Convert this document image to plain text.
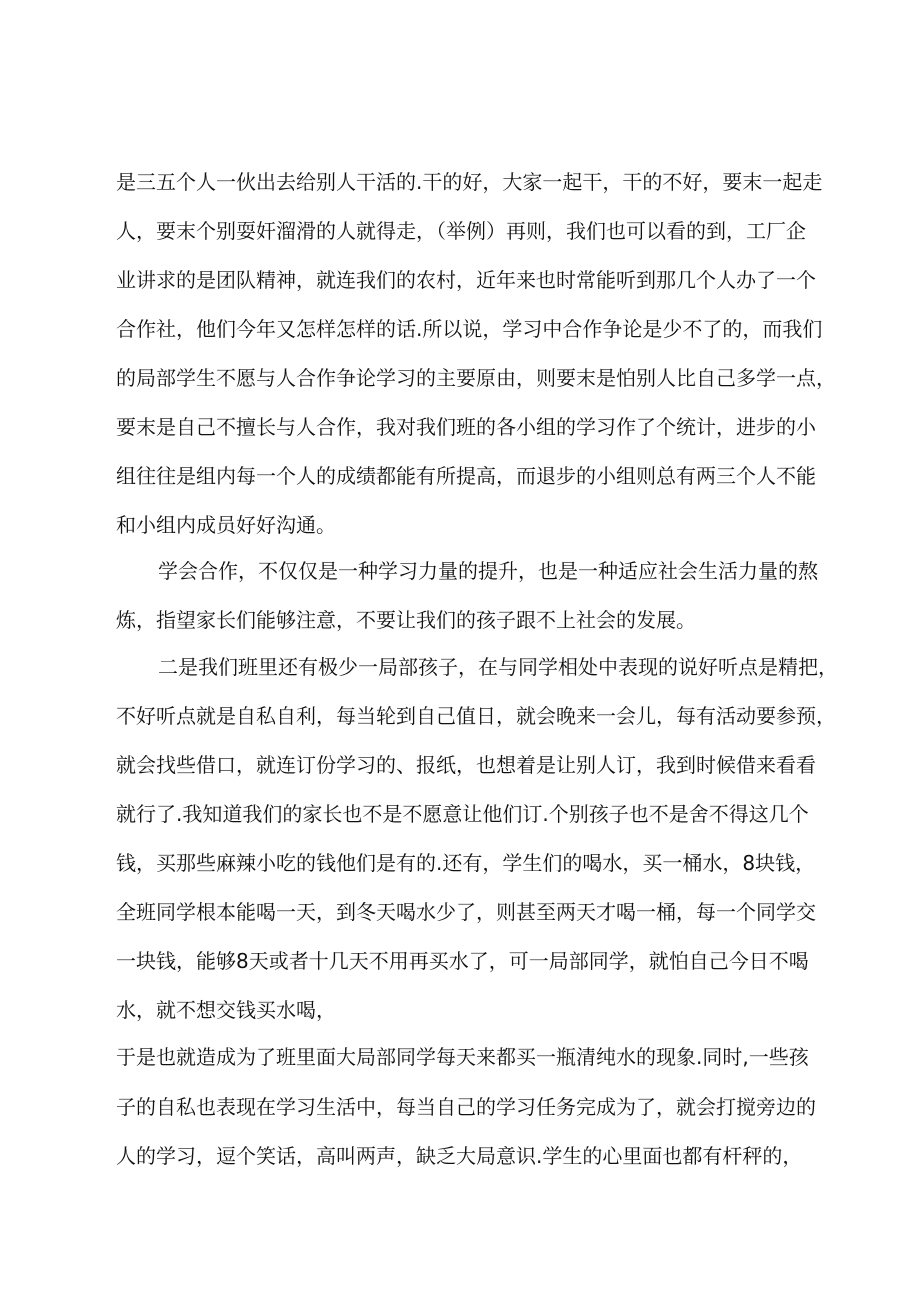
是三五个人一伙出去给别人干活的.干的好，大家一起干，干的不好，要末一起走
人，要末个别耍奸溜滑的人就得走，（举例）再则，我们也可以看的到，工厂企
业讲求的是团队精神，就连我们的农村，近年来也时常能听到那几个人办了一个
合作社，他们今年又怎样怎样的话.所以说，学习中合作争论是少不了的，而我们
的局部学生不愿与人合作争论学习的主要原由，则要末是怕别人比自己多学一点，
要末是自己不擅长与人合作，我对我们班的各小组的学习作了个统计，进步的小
组往往是组内每一个人的成绩都能有所提高，而退步的小组则总有两三个人不能
和小组内成员好好沟通。
学会合作，不仅仅是一种学习力量的提升，也是一种适应社会生活力量的熬
炼，指望家长们能够注意，不要让我们的孩子跟不上社会的发展。
二是我们班里还有极少一局部孩子，在与同学相处中表现的说好听点是精把，
不好听点就是自私自利，每当轮到自己值日，就会晚来一会儿，每有活动要参预，
就会找些借口，就连订份学习的、报纸，也想着是让别人订，我到时候借来看看
就行了.我知道我们的家长也不是不愿意让他们订.个别孩子也不是舍不得这几个
钱，买那些麻辣小吃的钱他们是有的.还有，学生们的喝水，买一桶水，8块钱，
全班同学根本能喝一天，到冬天喝水少了，则甚至两天才喝一桶，每一个同学交
一块钱，能够8天或者十几天不用再买水了，可一局部同学，就怕自己今日不喝
水，就不想交钱买水喝，
于是也就造成为了班里面大局部同学每天来都买一瓶清纯水的现象.同时,一些孩
子的自私也表现在学习生活中，每当自己的学习任务完成为了，就会打搅旁边的
人的学习，逗个笑话，高叫两声，缺乏大局意识.学生的心里面也都有杆秤的，
